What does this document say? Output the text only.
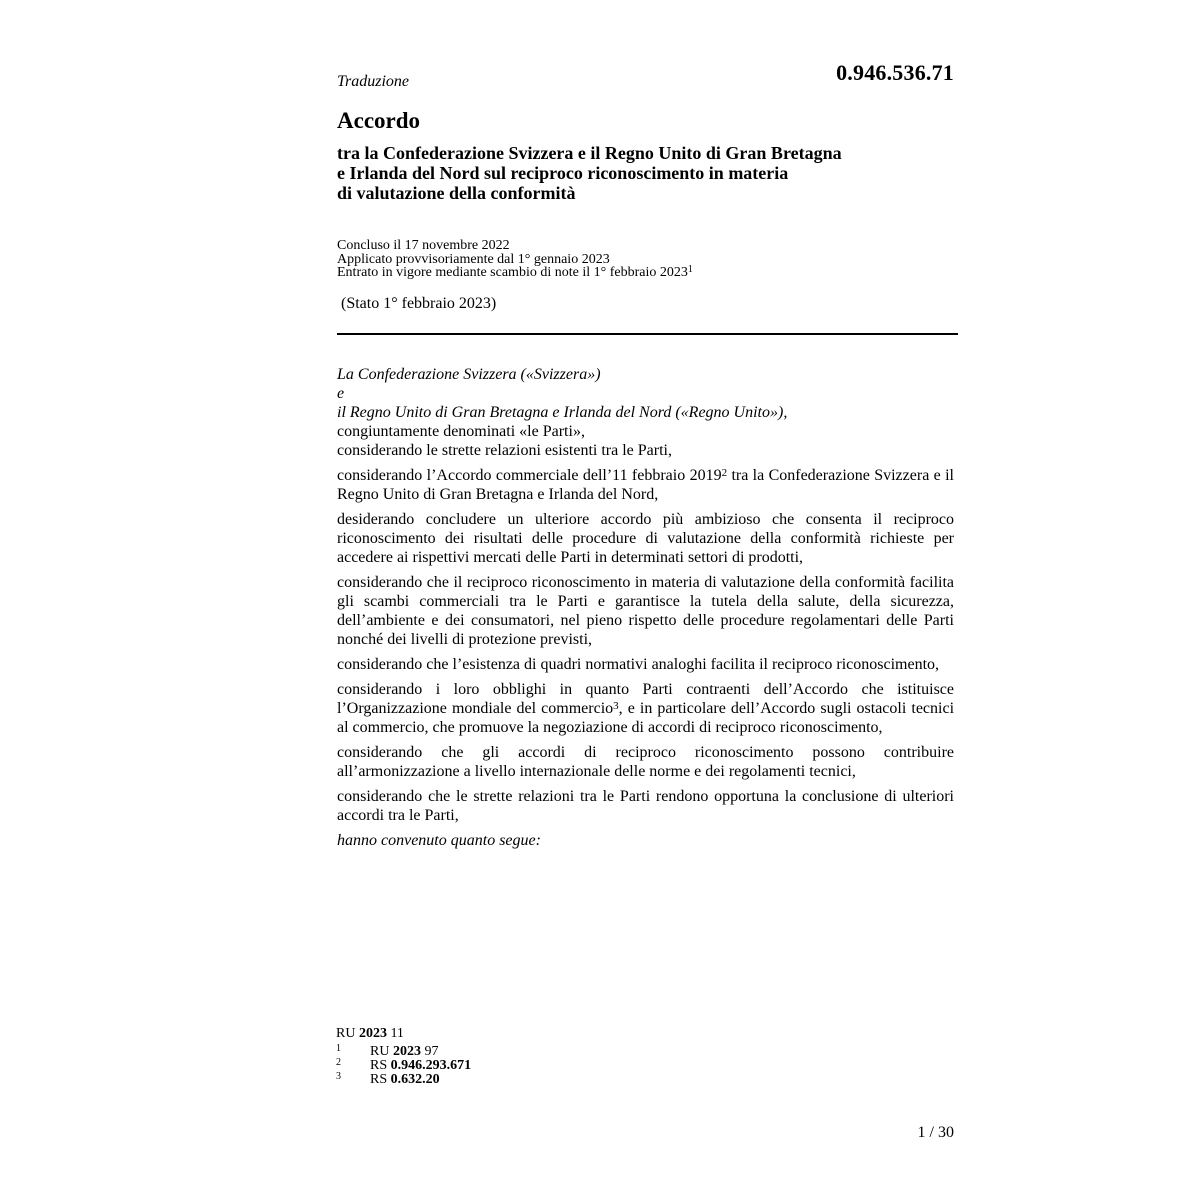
Traduzione	0.946.536.71
Accordo
tra la Confederazione Svizzera e il Regno Unito di Gran Bretagna
e Irlanda del Nord sul reciproco riconoscimento in materia
di valutazione della conformità
Concluso il 17 novembre 2022
Applicato provvisoriamente dal 1° gennaio 2023
Entrato in vigore mediante scambio di note il 1° febbraio 2023$^1$
(Stato 1° febbraio 2023)
La Confederazione Svizzera («Svizzera»)
e
il Regno Unito di Gran Bretagna e Irlanda del Nord («Regno Unito»),
congiuntamente denominati «le Parti»,
considerando le strette relazioni esistenti tra le Parti,
considerando l’Accordo commerciale dell’11 febbraio 2019$^2$ tra la Confederazione Svizzera e il Regno Unito di Gran Bretagna e Irlanda del Nord,
desiderando concludere un ulteriore accordo più ambizioso che consenta il reciproco riconoscimento dei risultati delle procedure di valutazione della conformità richieste per accedere ai rispettivi mercati delle Parti in determinati settori di prodotti,
considerando che il reciproco riconoscimento in materia di valutazione della conformità facilita gli scambi commerciali tra le Parti e garantisce la tutela della salute, della sicurezza, dell’ambiente e dei consumatori, nel pieno rispetto delle procedure regolamentari delle Parti nonché dei livelli di protezione previsti,
considerando che l’esistenza di quadri normativi analoghi facilita il reciproco riconoscimento,
considerando i loro obblighi in quanto Parti contraenti dell’Accordo che istituisce l’Organizzazione mondiale del commercio$^3$, e in particolare dell’Accordo sugli ostacoli tecnici al commercio, che promuove la negoziazione di accordi di reciproco riconoscimento,
considerando che gli accordi di reciproco riconoscimento possono contribuire all’armonizzazione a livello internazionale delle norme e dei regolamenti tecnici,
considerando che le strette relazioni tra le Parti rendono opportuna la conclusione di ulteriori accordi tra le Parti,
hanno convenuto quanto segue:
RU 2023 11
1 RU 2023 97
2 RS 0.946.293.671
3 RS 0.632.20
1 / 30
